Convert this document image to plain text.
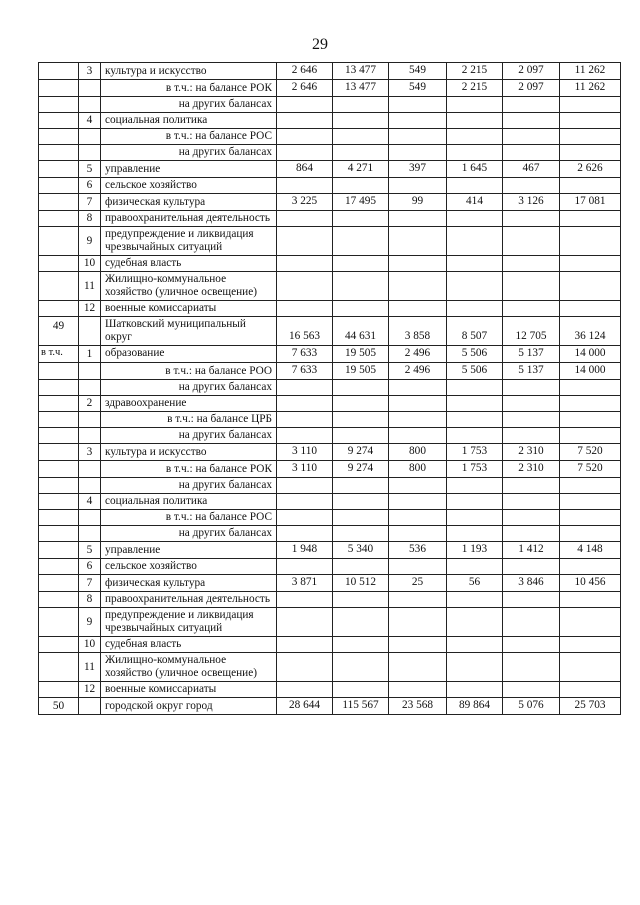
29
	3	культура и искусство	2 646	13 477	549	2 215	2 097	11 262
		в т.ч.: на балансе РОК	2 646	13 477	549	2 215	2 097	11 262
		на других балансах						
	4	социальная политика						
		в т.ч.: на балансе РОС						
		на других балансах						
	5	управление	864	4 271	397	1 645	467	2 626
	6	сельское хозяйство						
	7	физическая культура	3 225	17 495	99	414	3 126	17 081
	8	правоохранительная деятельность						
	9	предупреждение и ликвидация чрезвычайных ситуаций						
	10	судебная власть						
	11	Жилищно-коммунальное хозяйство (уличное освещение)						
	12	военные комиссариаты						
49		Шатковский муниципальный округ	16 563	44 631	3 858	8 507	12 705	36 124
в т.ч.	1	образование	7 633	19 505	2 496	5 506	5 137	14 000
		в т.ч.: на балансе РОО	7 633	19 505	2 496	5 506	5 137	14 000
		на других балансах						
	2	здравоохранение						
		в т.ч.: на балансе ЦРБ						
		на других балансах						
	3	культура и искусство	3 110	9 274	800	1 753	2 310	7 520
		в т.ч.: на балансе РОК	3 110	9 274	800	1 753	2 310	7 520
		на других балансах						
	4	социальная политика						
		в т.ч.: на балансе РОС						
		на других балансах						
	5	управление	1 948	5 340	536	1 193	1 412	4 148
	6	сельское хозяйство						
	7	физическая культура	3 871	10 512	25	56	3 846	10 456
	8	правоохранительная деятельность						
	9	предупреждение и ликвидация чрезвычайных ситуаций						
	10	судебная власть						
	11	Жилищно-коммунальное хозяйство (уличное освещение)						
	12	военные комиссариаты						
50		городской округ город	28 644	115 567	23 568	89 864	5 076	25 703
